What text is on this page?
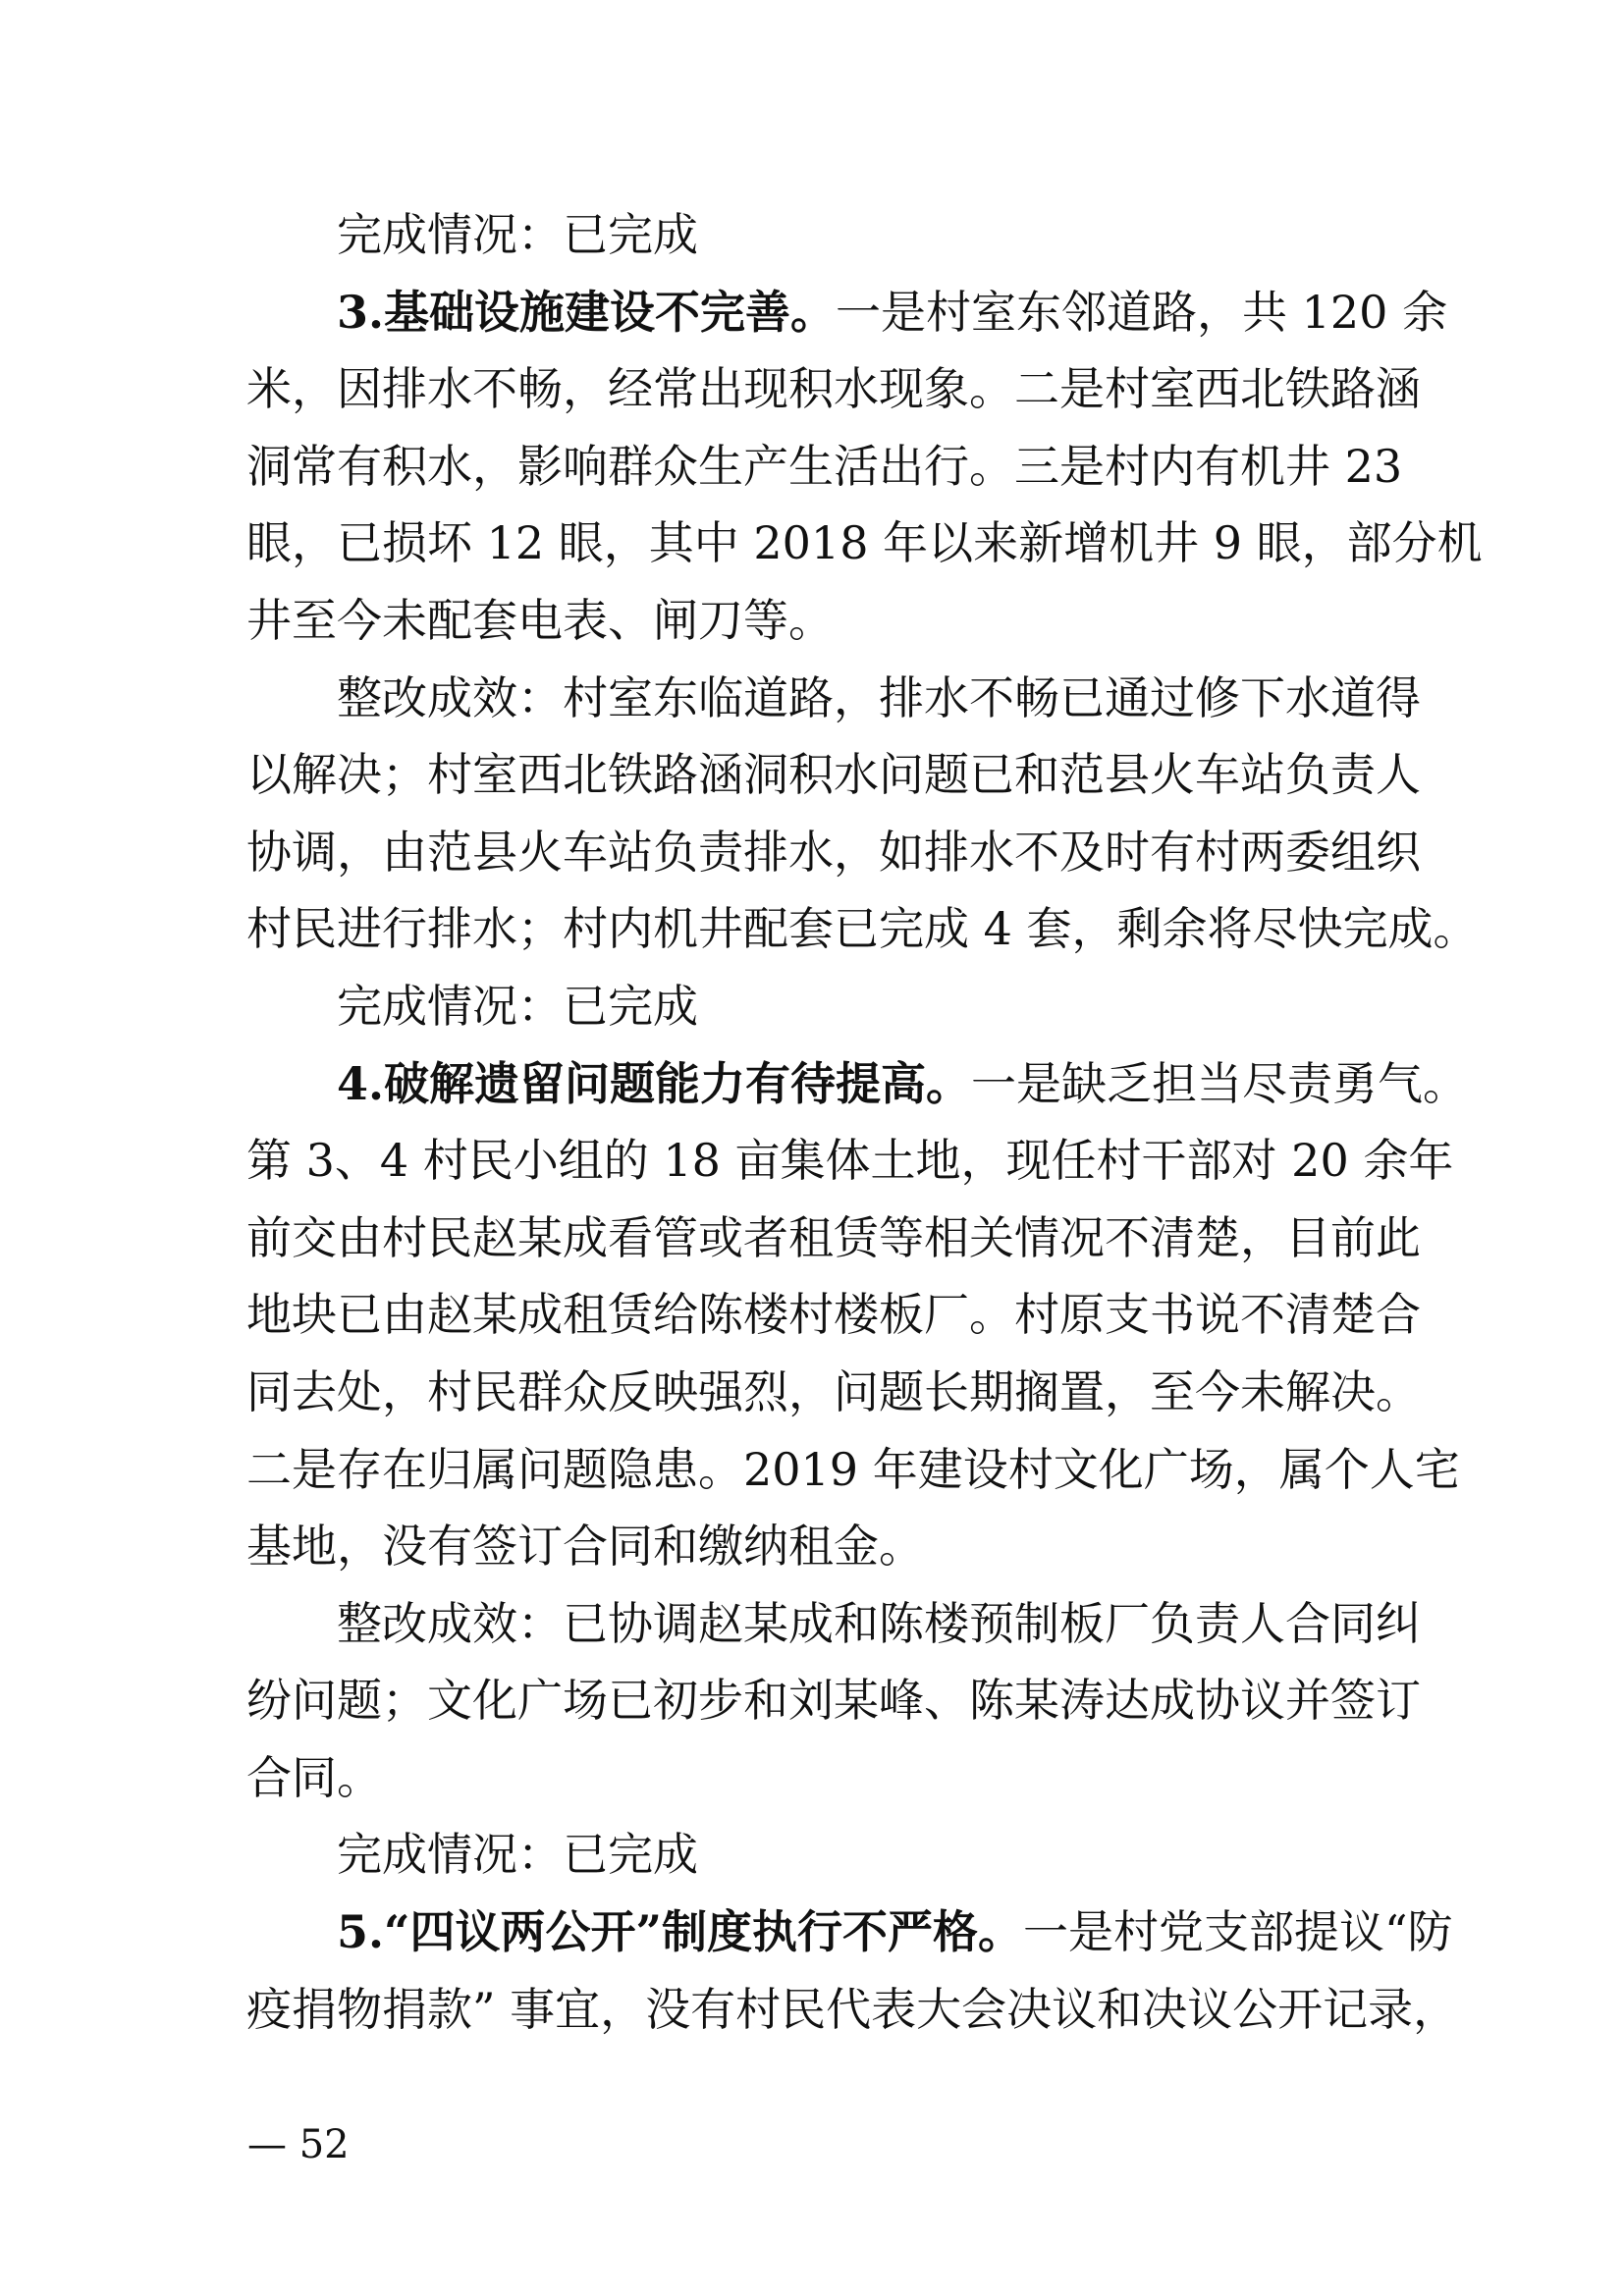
完成情况：已完成
3.基础设施建设不完善。一是村室东邻道路，共 120 余
米，因排水不畅，经常出现积水现象。二是村室西北铁路涵
洞常有积水，影响群众生产生活出行。三是村内有机井 23
眼，已损坏 12 眼，其中 2018 年以来新增机井 9 眼，部分机
井至今未配套电表、闸刀等。
整改成效：村室东临道路，排水不畅已通过修下水道得
以解决；村室西北铁路涵洞积水问题已和范县火车站负责人
协调，由范县火车站负责排水，如排水不及时有村两委组织
村民进行排水；村内机井配套已完成 4 套，剩余将尽快完成。
完成情况：已完成
4.破解遗留问题能力有待提高。一是缺乏担当尽责勇气。
第 3、4 村民小组的 18 亩集体土地，现任村干部对 20 余年
前交由村民赵某成看管或者租赁等相关情况不清楚，目前此
地块已由赵某成租赁给陈楼村楼板厂。村原支书说不清楚合
同去处，村民群众反映强烈，问题长期搁置，至今未解决。
二是存在归属问题隐患。2019 年建设村文化广场，属个人宅
基地，没有签订合同和缴纳租金。
整改成效：已协调赵某成和陈楼预制板厂负责人合同纠
纷问题；文化广场已初步和刘某峰、陈某涛达成协议并签订
合同。
完成情况：已完成
5.“四议两公开”制度执行不严格。一是村党支部提议“防
疫捐物捐款” 事宜，没有村民代表大会决议和决议公开记录，
— 52
